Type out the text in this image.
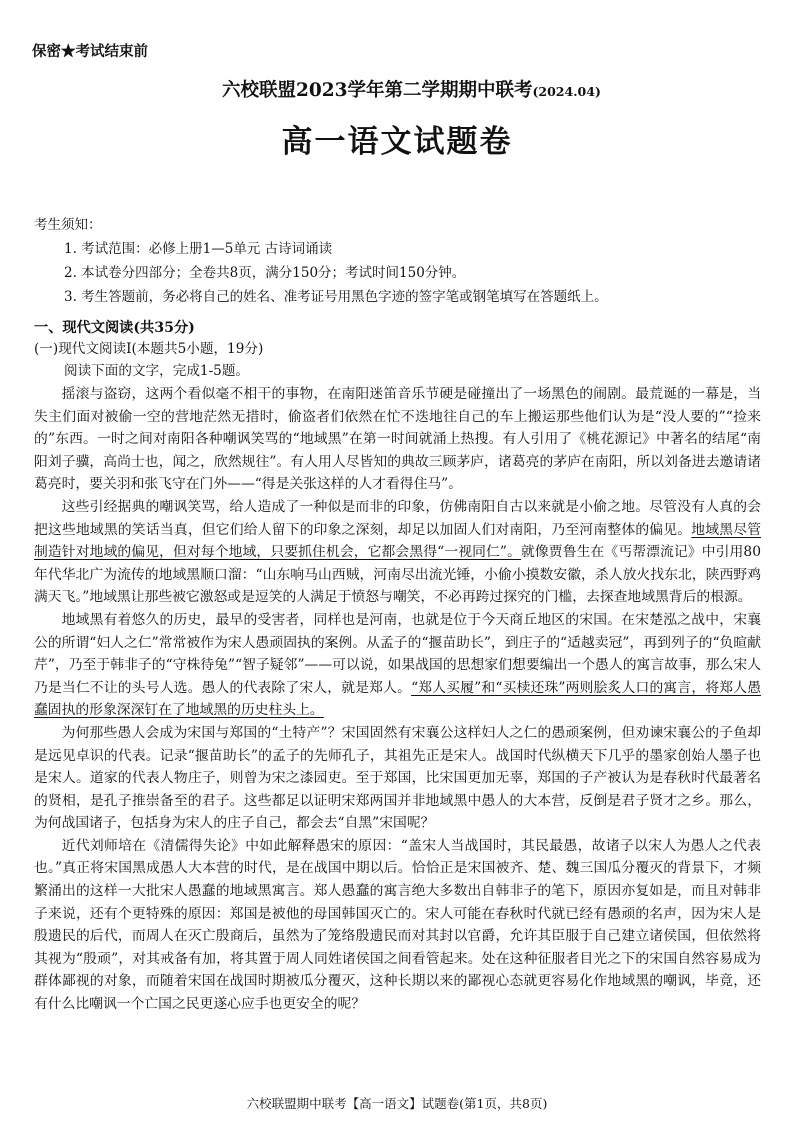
保密★考试结束前
六校联盟2023学年第二学期期中联考(2024.04)
高一语文试题卷
考生须知：
1. 考试范围：必修上册1—5单元 古诗词诵读
2. 本试卷分四部分；全卷共8页，满分150分；考试时间150分钟。
3. 考生答题前，务必将自己的姓名、准考证号用黑色字迹的签字笔或钢笔填写在答题纸上。
一、现代文阅读(共35分)
(一)现代文阅读I(本题共5小题，19分)
阅读下面的文字，完成1-5题。

摇滚与盗窃，这两个看似毫不相干的事物，在南阳迷笛音乐节硬是碰撞出了一场黑色的闹剧。最荒诞的一幕是，当失主们面对被偷一空的营地茫然无措时，偷盗者们依然在忙不迭地往自己的车上搬运那些他们认为是“没人要的”“捡来的”东西。一时之间对南阳各种嘲讽笑骂的“地域黑”在第一时间就涌上热搜。有人引用了《桃花源记》中著名的结尾“南阳刘子骥，高尚士也，闻之，欣然规往”。有人用人尽皆知的典故三顾茅庐，诸葛亮的茅庐在南阳，所以刘备进去邀请诸葛亮时，要关羽和张飞守在门外——“得是关张这样的人才看得住马”。

这些引经据典的嘲讽笑骂，给人造成了一种似是而非的印象，仿佛南阳自古以来就是小偷之地。尽管没有人真的会把这些地域黑的笑话当真，但它们给人留下的印象之深刻，却足以加固人们对南阳，乃至河南整体的偏见。地域黑尽管制造针对地域的偏见，但对每个地域，只要抓住机会，它都会黑得“一视同仁”。就像贾鲁生在《丐帮漂流记》中引用80年代华北广为流传的地域黑顺口溜：“山东响马山西贼，河南尽出流光锤，小偷小摸数安徽，杀人放火找东北，陕西野鸡满天飞。”地域黑让那些被它激怒或是逗笑的人满足于愤怒与嘲笑，不必再跨过探究的门槛，去探查地域黑背后的根源。

地域黑有着悠久的历史，最早的受害者，同样也是河南，也就是位于今天商丘地区的宋国。在宋楚泓之战中，宋襄公的所谓“妇人之仁”常常被作为宋人愚顽固执的案例。从孟子的“揠苗助长”，到庄子的“适越卖冠”，再到列子的“负暄献芹”，乃至于韩非子的“守株待兔”“智子疑邻”——可以说，如果战国的思想家们想要编出一个愚人的寓言故事，那么宋人乃是当仁不让的头号人选。愚人的代表除了宋人，就是郑人。“郑人买履”和“买椟还珠”两则脍炙人口的寓言，将郑人愚蠢固执的形象深深钉在了地域黑的历史柱头上。

为何那些愚人会成为宋国与郑国的“土特产”？宋国固然有宋襄公这样妇人之仁的愚顽案例，但劝谏宋襄公的子鱼却是远见卓识的代表。记录“揠苗助长”的孟子的先师孔子，其祖先正是宋人。战国时代纵横天下几乎的墨家创始人墨子也是宋人。道家的代表人物庄子，则曾为宋之漆园吏。至于郑国，比宋国更加无辜，郑国的子产被认为是春秋时代最著名的贤相，是孔子推崇备至的君子。这些都足以证明宋郑两国并非地域黑中愚人的大本营，反倒是君子贤才之乡。那么，为何战国诸子，包括身为宋人的庄子自己，都会去“自黑”宋国呢？

近代刘师培在《清儒得失论》中如此解释愚宋的原因：“盖宋人当战国时，其民最愚，故诸子以宋人为愚人之代表也。”真正将宋国黑成愚人大本营的时代，是在战国中期以后。恰恰正是宋国被齐、楚、魏三国瓜分覆灭的背景下，才频繁涌出的这样一大批宋人愚蠢的地域黑寓言。郑人愚蠢的寓言绝大多数出自韩非子的笔下，原因亦复如是，而且对韩非子来说，还有个更特殊的原因：郑国是被他的母国韩国灭亡的。宋人可能在春秋时代就已经有愚顽的名声，因为宋人是殷遗民的后代，而周人在灭亡殷商后，虽然为了笼络殷遗民而对其封以官爵，允许其臣服于自己建立诸侯国，但依然将其视为“殷顽”，对其戒备有加，将其置于周人同姓诸侯国之间看管起来。处在这种征服者目光之下的宋国自然容易成为群体鄙视的对象，而随着宋国在战国时期被瓜分覆灭，这种长期以来的鄙视心态就更容易化作地域黑的嘲讽，毕竟，还有什么比嘲讽一个亡国之民更遂心应手也更安全的呢？

六校联盟期中联考【高一语文】试题卷(第1页，共8页)
